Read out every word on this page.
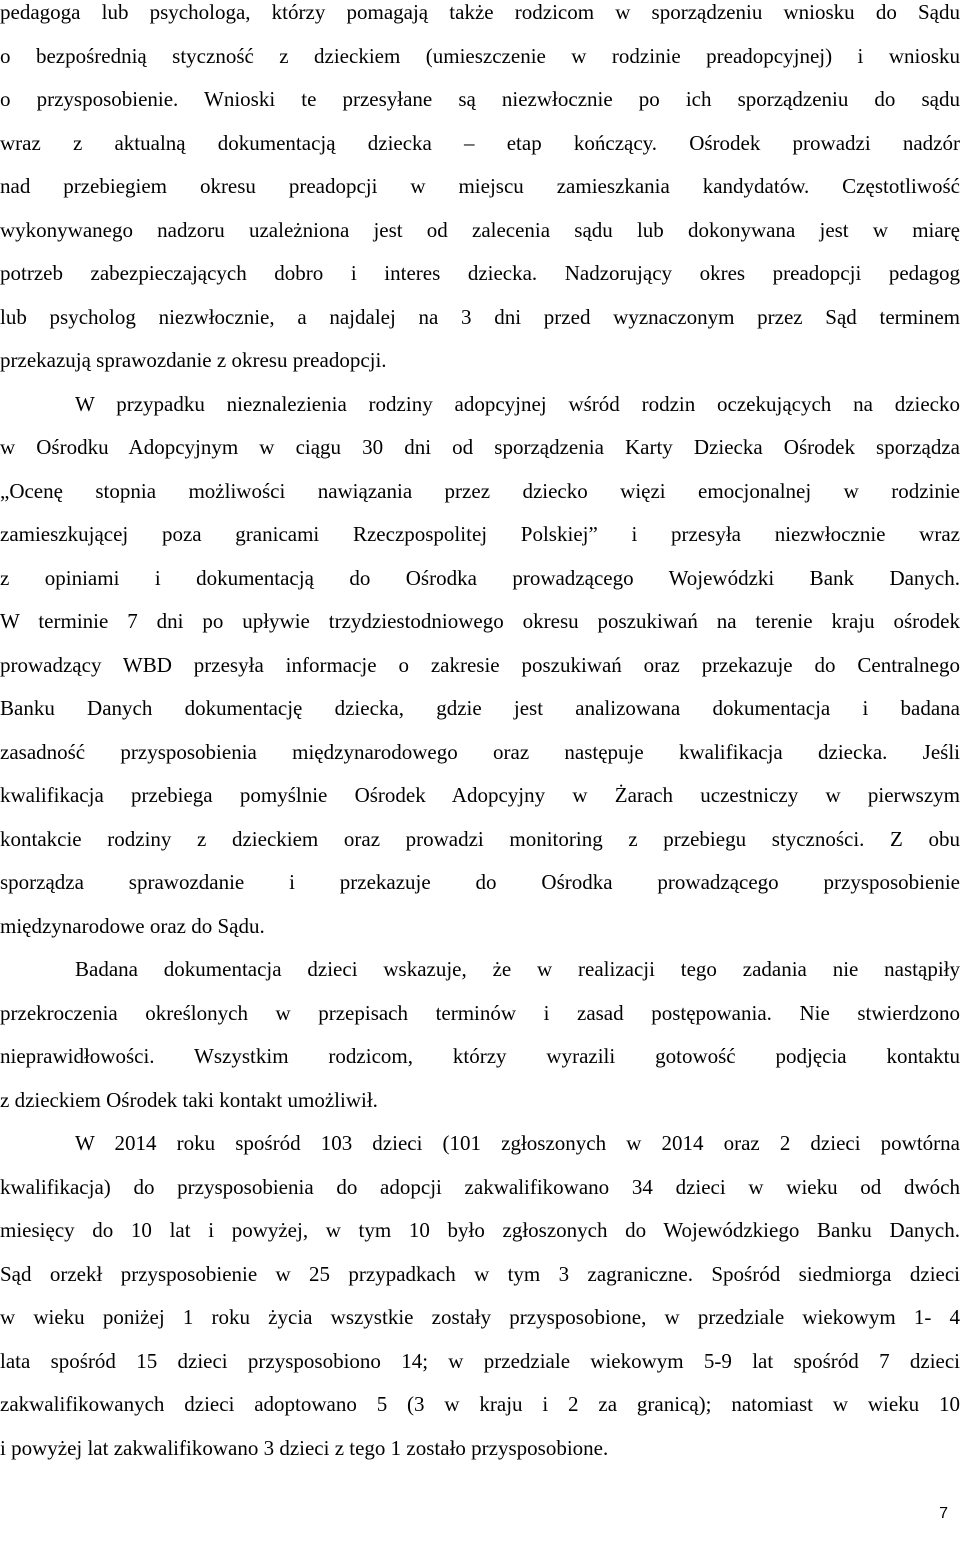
pedagoga lub psychologa, którzy pomagają także rodzicom w sporządzeniu wniosku do Sądu

o bezpośrednią styczność z dzieckiem (umieszczenie w rodzinie preadopcyjnej) i wniosku

o przysposobienie. Wnioski te przesyłane są niezwłocznie po ich sporządzeniu do sądu

wraz z aktualną dokumentacją dziecka – etap kończący. Ośrodek prowadzi nadzór

nad przebiegiem okresu preadopcji w miejscu zamieszkania kandydatów. Częstotliwość

wykonywanego nadzoru uzależniona jest od zalecenia sądu lub dokonywana jest w miarę

potrzeb zabezpieczających dobro i interes dziecka. Nadzorujący okres preadopcji pedagog

lub psycholog niezwłocznie, a najdalej na 3 dni przed wyznaczonym przez Sąd terminem

przekazują sprawozdanie z okresu preadopcji.

W przypadku nieznalezienia rodziny adopcyjnej wśród rodzin oczekujących na dziecko

w Ośrodku Adopcyjnym w ciągu 30 dni od sporządzenia Karty Dziecka Ośrodek sporządza

„Ocenę stopnia możliwości nawiązania przez dziecko więzi emocjonalnej w rodzinie

zamieszkującej poza granicami Rzeczpospolitej Polskiej” i przesyła niezwłocznie wraz

z opiniami i dokumentacją do Ośrodka prowadzącego Wojewódzki Bank Danych.

W terminie 7 dni po upływie trzydziestodniowego okresu poszukiwań na terenie kraju ośrodek

prowadzący WBD przesyła informacje o zakresie poszukiwań oraz przekazuje do Centralnego

Banku Danych dokumentację dziecka, gdzie jest analizowana dokumentacja i badana

zasadność przysposobienia międzynarodowego oraz następuje kwalifikacja dziecka. Jeśli

kwalifikacja przebiega pomyślnie Ośrodek Adopcyjny w Żarach uczestniczy w pierwszym

kontakcie rodziny z dzieckiem oraz prowadzi monitoring z przebiegu styczności. Z obu

sporządza sprawozdanie i przekazuje do Ośrodka prowadzącego przysposobienie

międzynarodowe oraz do Sądu.

Badana dokumentacja dzieci wskazuje, że w realizacji tego zadania nie nastąpiły

przekroczenia określonych w przepisach terminów i zasad postępowania. Nie stwierdzono

nieprawidłowości. Wszystkim rodzicom, którzy wyrazili gotowość podjęcia kontaktu

z dzieckiem Ośrodek taki kontakt umożliwił.

W 2014 roku spośród 103 dzieci (101 zgłoszonych w 2014 oraz 2 dzieci powtórna

kwalifikacja) do przysposobienia do adopcji zakwalifikowano 34 dzieci w wieku od dwóch

miesięcy do 10 lat i powyżej, w tym 10 było zgłoszonych do Wojewódzkiego Banku Danych.

Sąd orzekł przysposobienie w 25 przypadkach w tym 3 zagraniczne. Spośród siedmiorga dzieci

w wieku poniżej 1 roku życia wszystkie zostały przysposobione, w przedziale wiekowym 1- 4

lata spośród 15 dzieci przysposobiono 14; w przedziale wiekowym 5-9 lat spośród 7 dzieci

zakwalifikowanych dzieci adoptowano 5 (3 w kraju i 2 za granicą); natomiast w wieku 10

i powyżej lat zakwalifikowano 3 dzieci z tego 1 zostało przysposobione.

7
